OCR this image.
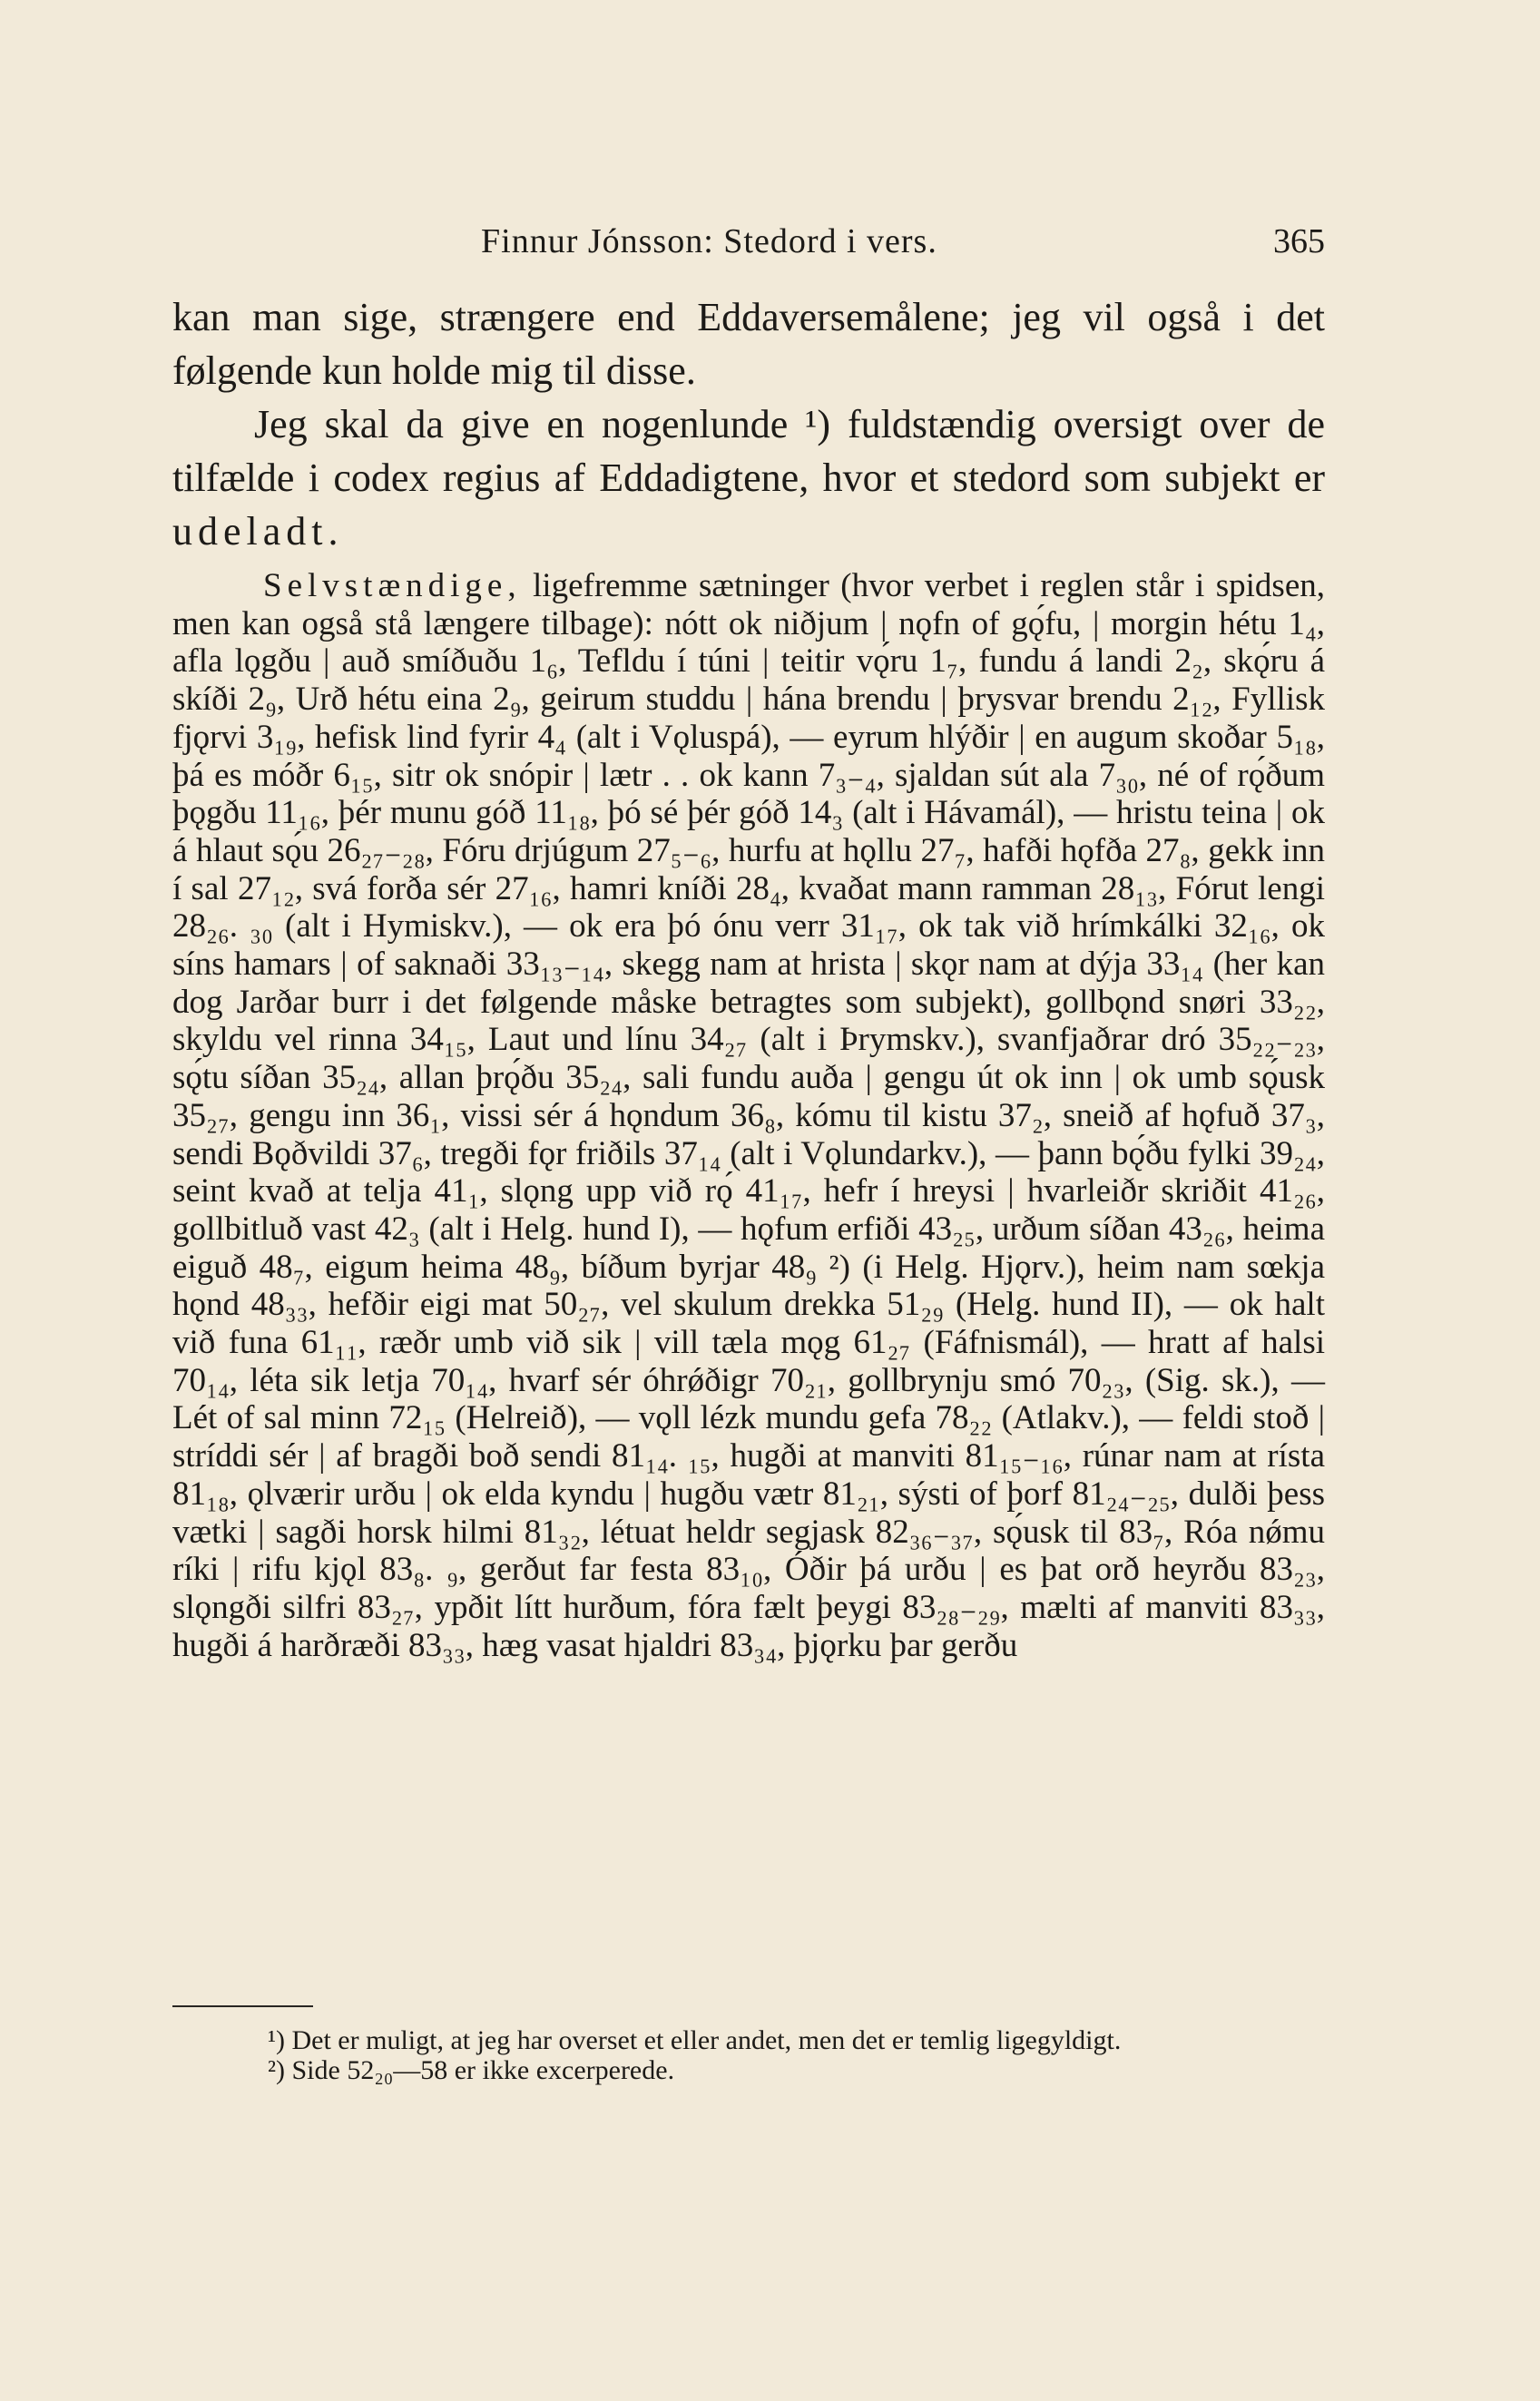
Finnur Jónsson: Stedord i vers.	365

kan man sige, strængere end Eddaversemålene; jeg vil også i det følgende kun holde mig til disse.

Jeg skal da give en nogenlunde ¹) fuldstændig oversigt over de tilfælde i codex regius af Eddadigtene, hvor et stedord som subjekt er udeladt.

Selvstændige, ligefremme sætninger (hvor verbet i reglen står i spidsen, men kan også stå længere tilbage): nótt ok niðjum | nǫfn of gǫ́fu, | morgin hétu 1₄, afla lǫgðu | auð smíðuðu 1₆, Tefldu í túni | teitir vǫ́ru 1₇, fundu á landi 2₂, skǫ́ru á skíði 2₉, Urð hétu eina 2₉, geirum studdu | hána brendu | þrysvar brendu 2₁₂, Fyllisk fjǫrvi 3₁₉, hefisk lind fyrir 4₄ (alt i Vǫluspá), — eyrum hlýðir | en augum skoðar 5₁₈, þá es móðr 6₁₅, sitr ok snópir | lætr . . ok kann 7₃₋₄, sjaldan sút ala 7₃₀, né of rǫ́ðum þǫgðu 11₁₆, þér munu góð 11₁₈, þó sé þér góð 14₃ (alt i Hávamál), — hristu teina | ok á hlaut sǫ́u 26₂₇₋₂₈, Fóru drjúgum 27₅₋₆, hurfu at hǫllu 27₇, hafði hǫfða 27₈, gekk inn í sal 27₁₂, svá forða sér 27₁₆, hamri kníði 28₄, kvaðat mann ramman 28₁₃, Fórut lengi 28₂₆. ₃₀ (alt i Hymiskv.), — ok era þó ónu verr 31₁₇, ok tak við hrímkálki 32₁₆, ok síns hamars | of saknaði 33₁₃₋₁₄, skegg nam at hrista | skǫr nam at dýja 33₁₄ (her kan dog Jarðar burr i det følgende måske betragtes som subjekt), gollbǫnd snøri 33₂₂, skyldu vel rinna 34₁₅, Laut und línu 34₂₇ (alt i Þrymskv.), svanfjaðrar dró 35₂₂₋₂₃, sǫ́tu síðan 35₂₄, allan þrǫ́ðu 35₂₄, sali fundu auða | gengu út ok inn | ok umb sǫ́usk 35₂₇, gengu inn 36₁, vissi sér á hǫndum 36₈, kómu til kistu 37₂, sneið af hǫfuð 37₃, sendi Bǫðvildi 37₆, tregði fǫr friðils 37₁₄ (alt i Vǫlundarkv.), — þann bǫ́ðu fylki 39₂₄, seint kvað at telja 41₁, slǫng upp við rǫ́ 41₁₇, hefr í hreysi | hvarleiðr skriðit 41₂₆, gollbitluð vast 42₃ (alt i Helg. hund I), — hǫfum erfiði 43₂₅, urðum síðan 43₂₆, heima eiguð 48₇, eigum heima 48₉, bíðum byrjar 48₉ ²) (i Helg. Hjǫrv.), heim nam sœkja hǫnd 48₃₃, hefðir eigi mat 50₂₇, vel skulum drekka 51₂₉ (Helg. hund II), — ok halt við funa 61₁₁, ræðr umb við sik | vill tæla mǫg 61₂₇ (Fáfnismál), — hratt af halsi 70₁₄, léta sik letja 70₁₄, hvarf sér óhrǿðigr 70₂₁, gollbrynju smó 70₂₃, (Sig. sk.), — Lét of sal minn 72₁₅ (Helreið), — vǫll lézk mundu gefa 78₂₂ (Atlakv.), — feldi stoð | stríddi sér | af bragði boð sendi 81₁₄. ₁₅, hugði at manviti 81₁₅₋₁₆, rúnar nam at rísta 81₁₈, ǫlværir urðu | ok elda kyndu | hugðu vætr 81₂₁, sýsti of þorf 81₂₄₋₂₅, dulði þess vætki | sagði horsk hilmi 81₃₂, létuat heldr segjask 82₃₆₋₃₇, sǫ́usk til 83₇, Róa nǿmu ríki | rifu kjǫl 83₈. ₉, gerðut far festa 83₁₀, Óðir þá urðu | es þat orð heyrðu 83₂₃, slǫngði silfri 83₂₇, ypðit lítt hurðum, fóra fælt þeygi 83₂₈₋₂₉, mælti af manviti 83₃₃, hugði á harðræði 83₃₃, hæg vasat hjaldri 83₃₄, þjǫrku þar gerðu

¹) Det er muligt, at jeg har overset et eller andet, men det er temlig ligegyldigt.

²) Side 52₂₀—58 er ikke excerperede.
